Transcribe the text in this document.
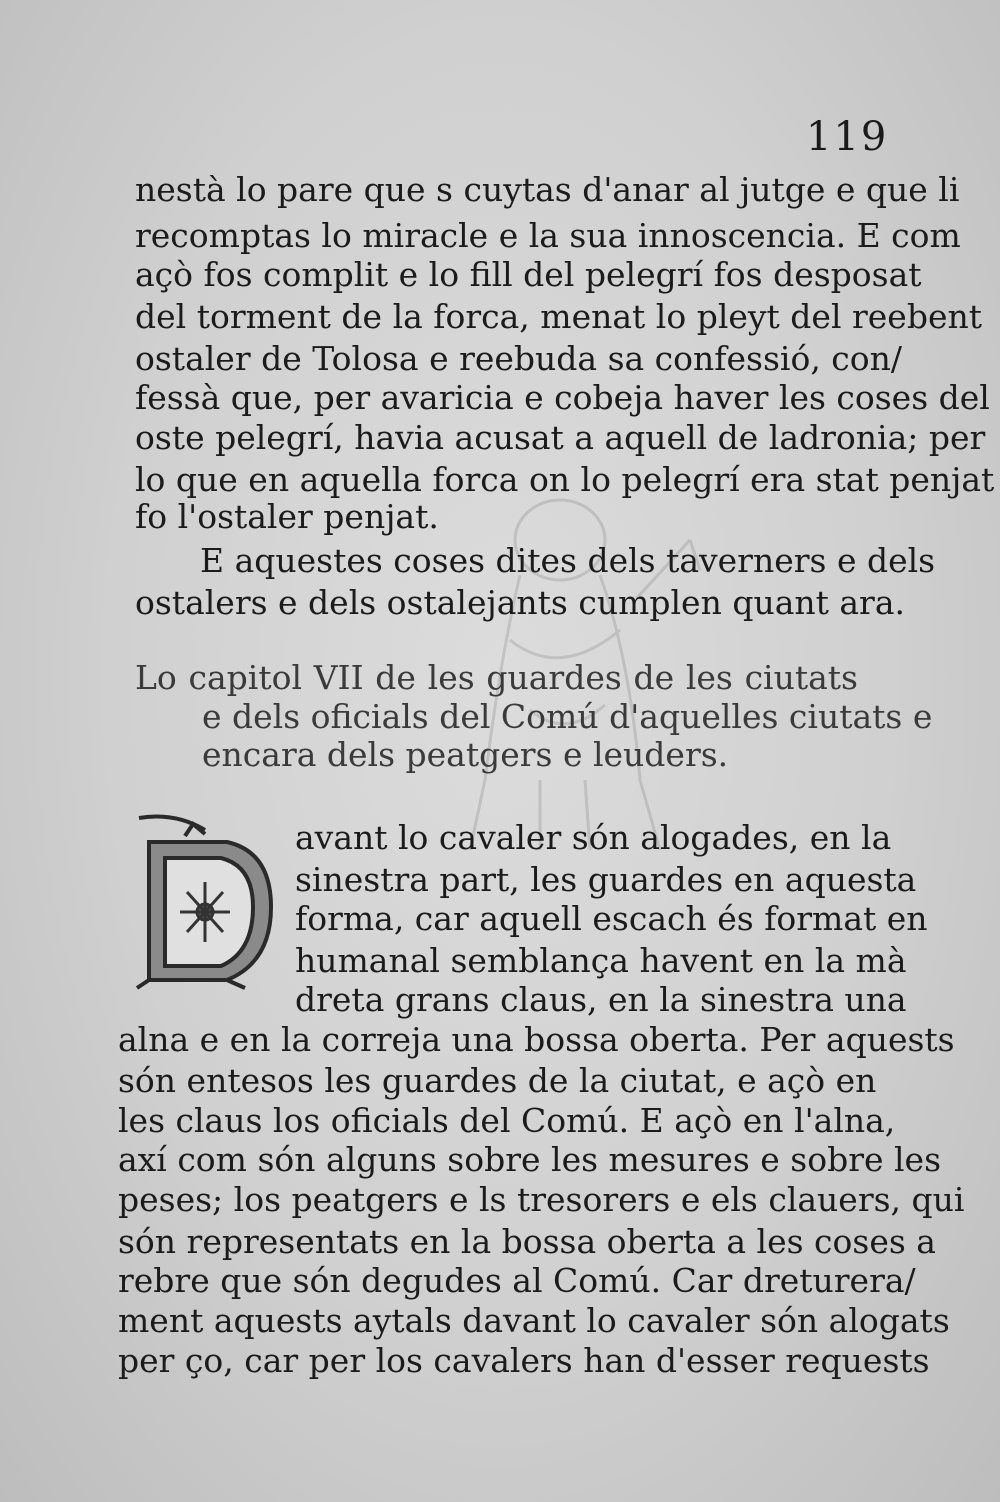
119

nestà lo pare que s cuytas d'anar al jutge e que li

recomptas lo miracle e la sua innoscencia. E com

açò fos complit e lo fill del pelegrí fos desposat

del torment de la forca, menat lo pleyt del reebent

ostaler de Tolosa e reebuda sa confessió, con/

fessà que, per avaricia e cobeja haver les coses del

oste pelegrí, havia acusat a aquell de ladronia; per

lo que en aquella forca on lo pelegrí era stat penjat

fo l'ostaler penjat.

E aquestes coses dites dels taverners e dels

ostalers e dels ostalejants cumplen quant ara.

Lo capitol VII de les guardes de les ciutats

e dels oficials del Comú d'aquelles ciutats e

encara dels peatgers e leuders.

D

avant lo cavaler són alogades, en la

sinestra part, les guardes en aquesta

forma, car aquell escach és format en

humanal semblança havent en la mà

dreta grans claus, en la sinestra una

alna e en la correja una bossa oberta. Per aquests

són entesos les guardes de la ciutat, e açò en

les claus los oficials del Comú. E açò en l'alna,

axí com són alguns sobre les mesures e sobre les

peses; los peatgers e ls tresorers e els clauers, qui

són representats en la bossa oberta a les coses a

rebre que són degudes al Comú. Car dreturera/

ment aquests aytals davant lo cavaler són alogats

per ço, car per los cavalers han d'esser requests
